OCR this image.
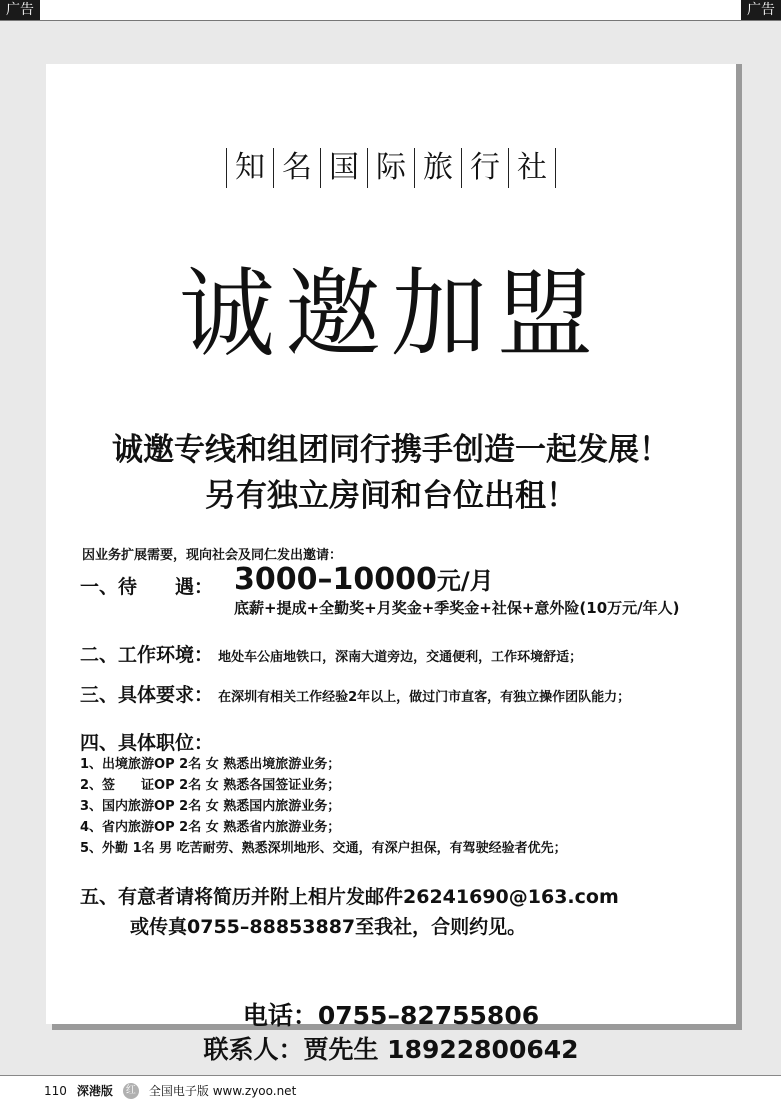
广告	广告
知 名 国 际 旅 行 社
诚邀加盟
诚邀专线和组团同行携手创造一起发展！
另有独立房间和台位出租！
因业务扩展需要，现向社会及同仁发出邀请：
一、待　　遇： 3000–10000元/月
底薪+提成+全勤奖+月奖金+季奖金+社保+意外险(10万元/年人)
二、工作环境： 地处车公庙地铁口，深南大道旁边，交通便利，工作环境舒适；
三、具体要求： 在深圳有相关工作经验2年以上，做过门市直客，有独立操作团队能力；
四、具体职位：
1、出境旅游OP 2名 女 熟悉出境旅游业务；
2、签　　证OP 2名 女 熟悉各国签证业务；
3、国内旅游OP 2名 女 熟悉国内旅游业务；
4、省内旅游OP 2名 女 熟悉省内旅游业务；
5、外勤 1名 男 吃苦耐劳、熟悉深圳地形、交通，有深户担保，有驾驶经验者优先；
五、有意者请将简历并附上相片发邮件26241690@163.com
或传真0755–88853887至我社，合则约见。
电话：0755–82755806
联系人：贾先生 18922800642
110 深港版	红 全国电子版 www.zyoo.net
